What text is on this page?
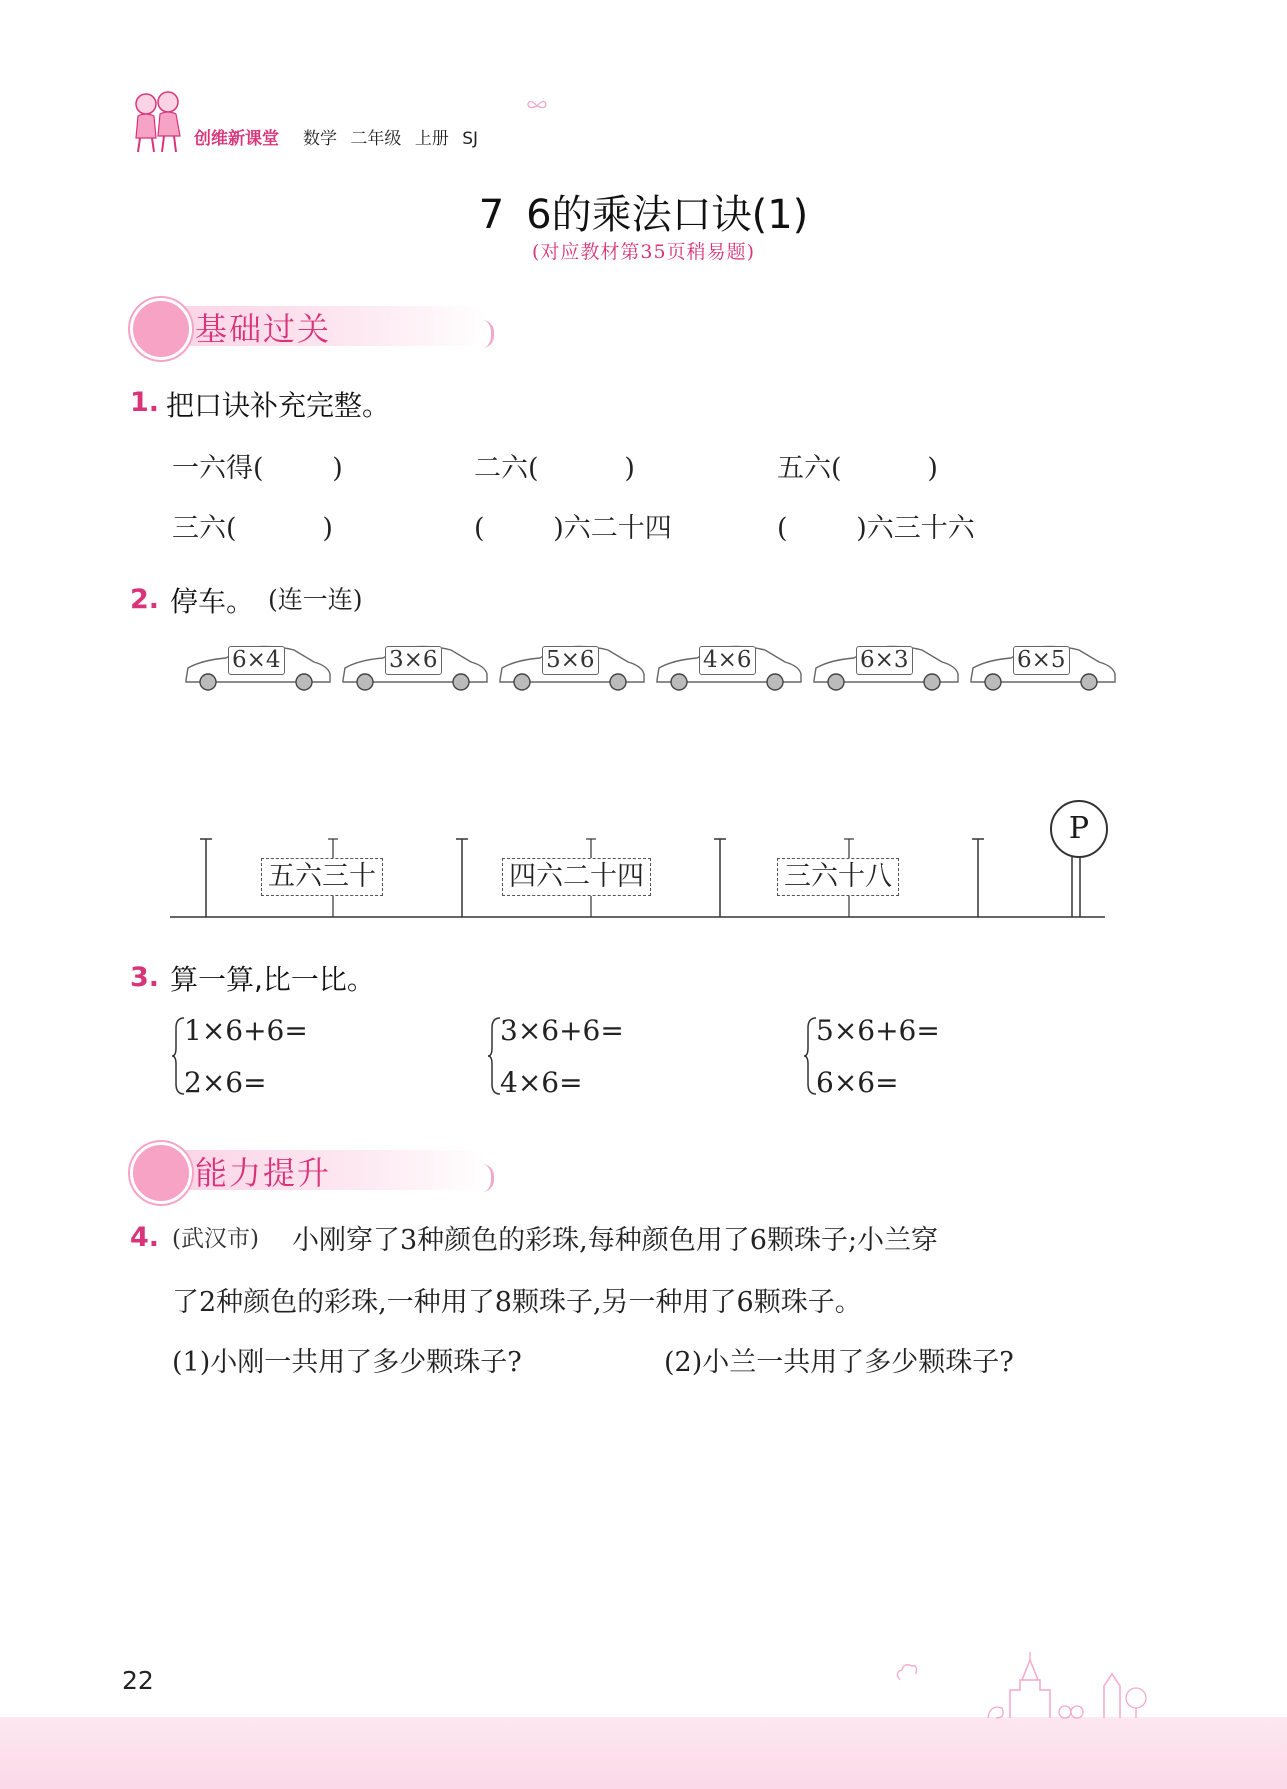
创维新课堂 数学 二年级 上册 SJ
7 6的乘法口诀(1)
(对应教材第35页稍易题)
基础过关
1. 把口诀补充完整。
一六得(        )	二六(          )	五六(          )
三六(          )	(        )六二十四	(        )六三十六
2. 停车。 (连一连)
6×4	3×6	5×6	4×6	6×3	6×5
P
五六三十	四六二十四	三六十八
3. 算一算,比一比。
1×6+6=
2×6=
3×6+6=
4×6=
5×6+6=
6×6=
能力提升
4. (武汉市) 小刚穿了3种颜色的彩珠,每种颜色用了6颗珠子;小兰穿
了2种颜色的彩珠,一种用了8颗珠子,另一种用了6颗珠子。
(1)小刚一共用了多少颗珠子?	(2)小兰一共用了多少颗珠子?
22
